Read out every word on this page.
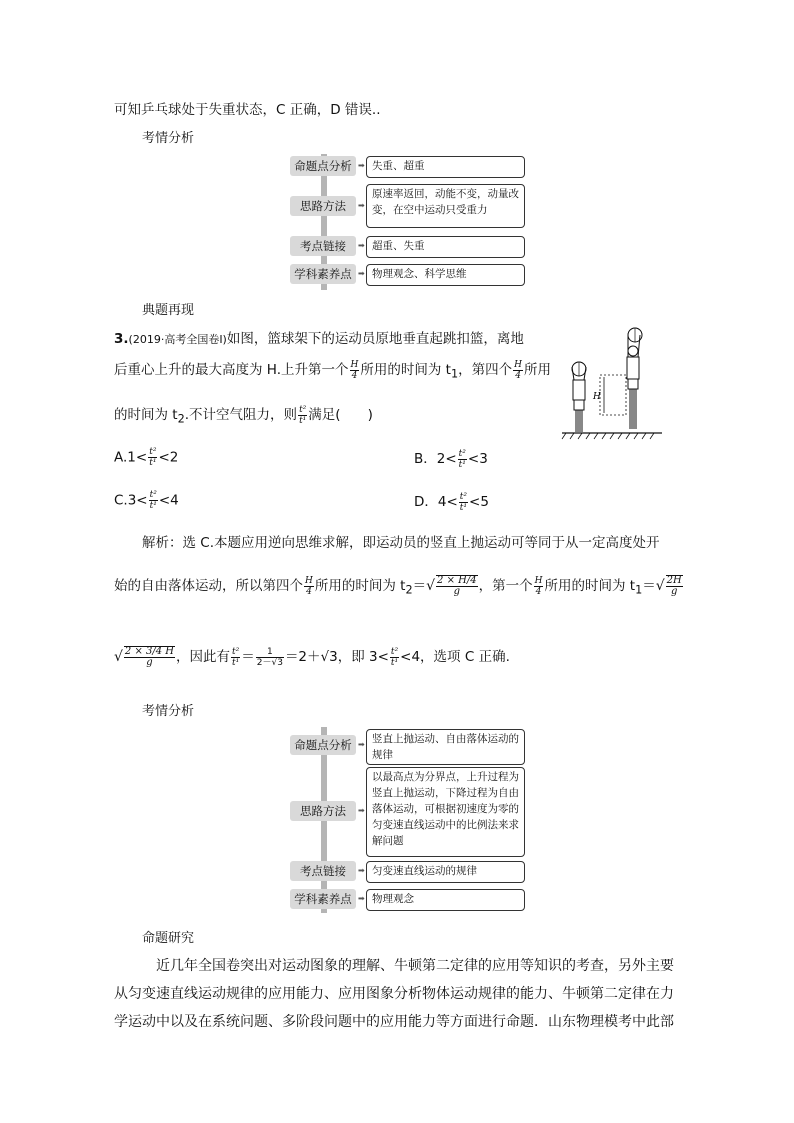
可知乒乓球处于失重状态，C 正确，D 错误..
考情分析
命题点分析 ➡ 失重、超重
思路方法	➡
原速率返回，动能不变，动量改变，在空中运动只受重力
考点链接	➡ 超重、失重
学科素养点 ➡ 物理观念、科学思维
典题再现
3.(2019·高考全国卷Ⅰ)如图，篮球架下的运动员原地垂直起跳扣篮，离地
后重心上升的最大高度为 H.上升第一个 $\frac{H}{4}$ 所用的时间为 $t_1$，第四个 $\frac{H}{4}$ 所用
的时间为 $t_2$.不计空气阻力，则 $\frac{\text{t²}}{\text{t¹}}$ 满足(　　)
$A.1< \frac{\text{t²}}{\text{t¹}} <2$	B．$2< \frac{\text{t²}}{\text{t¹}} <3$
$C.3< \frac{\text{t²}}{\text{t¹}} <4$	D．$4< \frac{\text{t²}}{\text{t¹}} <5$
H
解析：选 C.本题应用逆向思维求解，即运动员的竖直上抛运动可等同于从一定高度处开
始的自由落体运动，所以第四个 $\frac{H}{4}$ 所用的时间为 $t_2=√ \frac{2 \times H/4}{g}$ ，第一个 $\frac{H}{4}$ 所用的时间为 $t_1=√ \frac{2H}{g}$
√ $\frac{2 \times 3/4 H}{g}$ ，因此有 $\frac{\text{t²}}{\text{t¹}} = \frac{1}{2-√3} =2+√3$，即 $3< \frac{\text{t²}}{\text{t¹}} <4$，选项 C 正确.
考情分析
命题点分析 ➡ 竖直上抛运动、自由落体运动的规律
思路方法	➡
以最高点为分界点，上升过程为竖直上抛运动，下降过程为自由落体运动，可根据初速度为零的匀变速直线运动中的比例法来求解问题
考点链接	➡ 匀变速直线运动的规律
学科素养点 ➡ 物理观念
命题研究
近几年全国卷突出对运动图象的理解、牛顿第二定律的应用等知识的考查，另外主要
从匀变速直线运动规律的应用能力、应用图象分析物体运动规律的能力、牛顿第二定律在力
学运动中以及在系统问题、多阶段问题中的应用能力等方面进行命题．山东物理模考中此部
